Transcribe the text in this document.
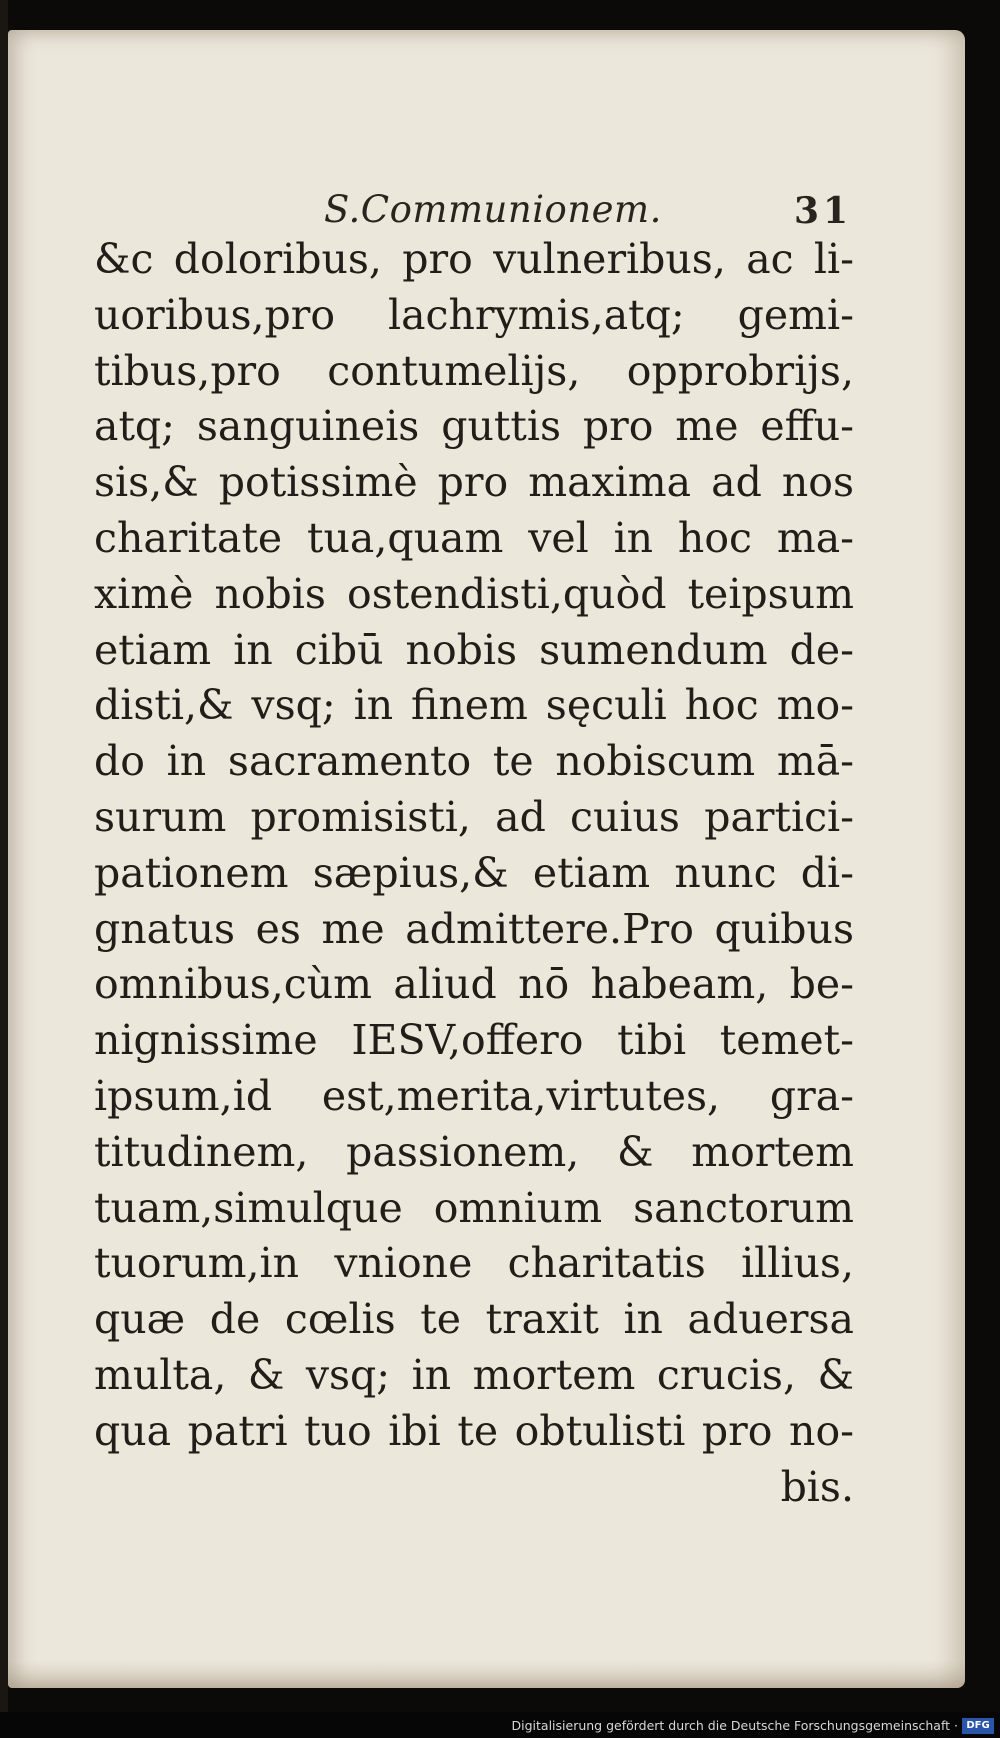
S.Communionem.	31
&c doloribus, pro vulneribus, ac li-
uoribus,pro lachrymis,atq; gemi-
tibus,pro contumelijs, opprobrijs,
atq; sanguineis guttis pro me effu-
sis,& potissimè pro maxima ad nos
charitate tua,quam vel in hoc ma-
ximè nobis ostendisti,quòd teipsum
etiam in cibū nobis sumendum de-
disti,& vsq; in finem sęculi hoc mo-
do in sacramento te nobiscum mā-
surum promisisti, ad cuius partici-
pationem sæpius,& etiam nunc di-
gnatus es me admittere.Pro quibus
omnibus,cùm aliud nō habeam, be-
nignissime IESV,offero tibi temet-
ipsum,id est,merita,virtutes, gra-
titudinem, passionem, & mortem
tuam,simulque omnium sanctorum
tuorum,in vnione charitatis illius,
quæ de cœlis te traxit in aduersa
multa, & vsq; in mortem crucis, &
qua patri tuo ibi te obtulisti pro no-
bis.
Digitalisierung gefördert durch die Deutsche Forschungsgemeinschaft · DFG
